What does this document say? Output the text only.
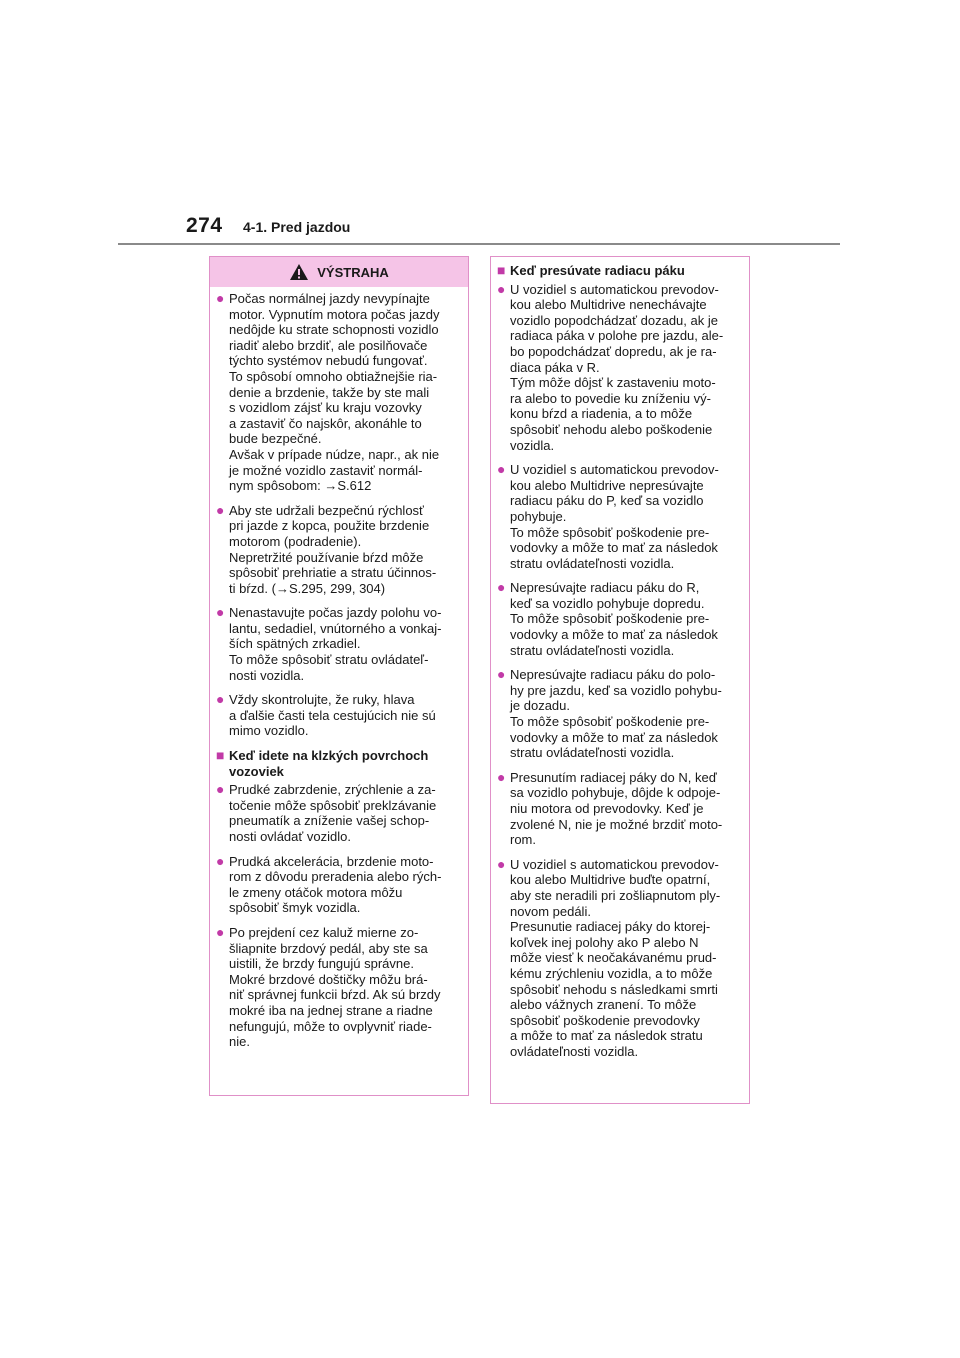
274 4-1. Pred jazdou
VÝSTRAHA
● Počas normálnej jazdy nevypínajte
motor. Vypnutím motora počas jazdy
nedôjde ku strate schopnosti vozidlo
riadiť alebo brzdiť, ale posilňovače
týchto systémov nebudú fungovať.
To spôsobí omnoho obtiažnejšie ria-
denie a brzdenie, takže by ste mali
s vozidlom zájsť ku kraju vozovky
a zastaviť čo najskôr, akonáhle to
bude bezpečné.
Avšak v prípade núdze, napr., ak nie
je možné vozidlo zastaviť normál-
nym spôsobom: →S.612
● Aby ste udržali bezpečnú rýchlosť
pri jazde z kopca, použite brzdenie
motorom (podradenie).
Nepretržité používanie bŕzd môže
spôsobiť prehriatie a stratu účinnos-
ti bŕzd. (→S.295, 299, 304)
● Nenastavujte počas jazdy polohu vo-
lantu, sedadiel, vnútorného a vonkaj-
ších spätných zrkadiel.
To môže spôsobiť stratu ovládateľ-
nosti vozidla.
● Vždy skontrolujte, že ruky, hlava
a ďalšie časti tela cestujúcich nie sú
mimo vozidlo.
■ Keď idete na klzkých povrchoch
vozoviek
● Prudké zabrzdenie, zrýchlenie a za-
točenie môže spôsobiť preklzávanie
pneumatík a zníženie vašej schop-
nosti ovládať vozidlo.
● Prudká akcelerácia, brzdenie moto-
rom z dôvodu preradenia alebo rých-
le zmeny otáčok motora môžu
spôsobiť šmyk vozidla.
● Po prejdení cez kaluž mierne zo-
šliapnite brzdový pedál, aby ste sa
uistili, že brzdy fungujú správne.
Mokré brzdové doštičky môžu brá-
niť správnej funkcii bŕzd. Ak sú brzdy
mokré iba na jednej strane a riadne
nefungujú, môže to ovplyvniť riade-
nie.
■ Keď presúvate radiacu páku
● U vozidiel s automatickou prevodov-
kou alebo Multidrive nenechávajte
vozidlo popodchádzať dozadu, ak je
radiaca páka v polohe pre jazdu, ale-
bo popodchádzať dopredu, ak je ra-
diaca páka v R.
Tým môže dôjsť k zastaveniu moto-
ra alebo to povedie ku zníženiu vý-
konu bŕzd a riadenia, a to môže
spôsobiť nehodu alebo poškodenie
vozidla.
● U vozidiel s automatickou prevodov-
kou alebo Multidrive nepresúvajte
radiacu páku do P, keď sa vozidlo
pohybuje.
To môže spôsobiť poškodenie pre-
vodovky a môže to mať za následok
stratu ovládateľnosti vozidla.
● Nepresúvajte radiacu páku do R,
keď sa vozidlo pohybuje dopredu.
To môže spôsobiť poškodenie pre-
vodovky a môže to mať za následok
stratu ovládateľnosti vozidla.
● Nepresúvajte radiacu páku do polo-
hy pre jazdu, keď sa vozidlo pohybu-
je dozadu.
To môže spôsobiť poškodenie pre-
vodovky a môže to mať za následok
stratu ovládateľnosti vozidla.
● Presunutím radiacej páky do N, keď
sa vozidlo pohybuje, dôjde k odpoje-
niu motora od prevodovky. Keď je
zvolené N, nie je možné brzdiť moto-
rom.
● U vozidiel s automatickou prevodov-
kou alebo Multidrive buďte opatrní,
aby ste neradili pri zošliapnutom ply-
novom pedáli.
Presunutie radiacej páky do ktorej-
koľvek inej polohy ako P alebo N
môže viesť k neočakávanému prud-
kému zrýchleniu vozidla, a to môže
spôsobiť nehodu s následkami smrti
alebo vážnych zranení. To môže
spôsobiť poškodenie prevodovky
a môže to mať za následok stratu
ovládateľnosti vozidla.
